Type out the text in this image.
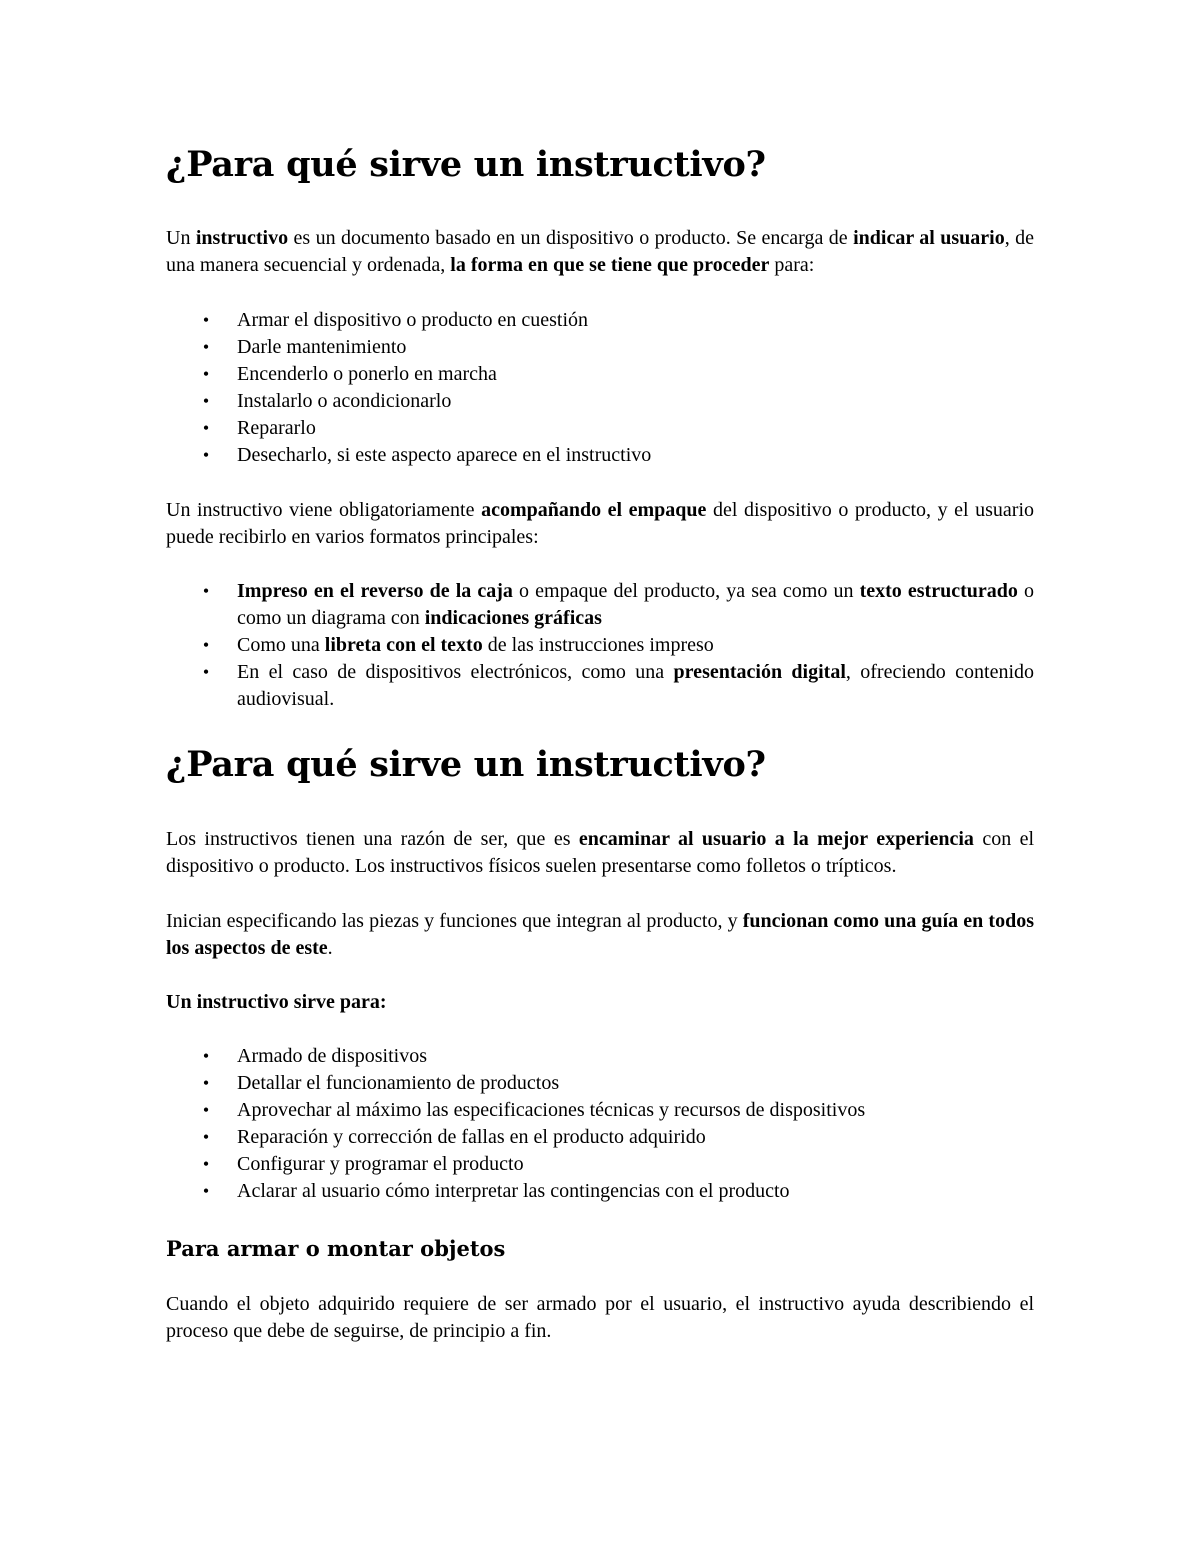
¿Para qué sirve un instructivo?

Un instructivo es un documento basado en un dispositivo o producto. Se encarga de indicar al usuario, de una manera secuencial y ordenada, la forma en que se tiene que proceder para:

• Armar el dispositivo o producto en cuestión
• Darle mantenimiento
• Encenderlo o ponerlo en marcha
• Instalarlo o acondicionarlo
• Repararlo
• Desecharlo, si este aspecto aparece en el instructivo

Un instructivo viene obligatoriamente acompañando el empaque del dispositivo o producto, y el usuario puede recibirlo en varios formatos principales:

• Impreso en el reverso de la caja o empaque del producto, ya sea como un texto estructurado o como un diagrama con indicaciones gráficas
• Como una libreta con el texto de las instrucciones impreso
• En el caso de dispositivos electrónicos, como una presentación digital, ofreciendo contenido audiovisual.
¿Para qué sirve un instructivo?

Los instructivos tienen una razón de ser, que es encaminar al usuario a la mejor experiencia con el dispositivo o producto. Los instructivos físicos suelen presentarse como folletos o trípticos.

Inician especificando las piezas y funciones que integran al producto, y funcionan como una guía en todos los aspectos de este.

Un instructivo sirve para:

• Armado de dispositivos
• Detallar el funcionamiento de productos
• Aprovechar al máximo las especificaciones técnicas y recursos de dispositivos
• Reparación y corrección de fallas en el producto adquirido
• Configurar y programar el producto
• Aclarar al usuario cómo interpretar las contingencias con el producto
Para armar o montar objetos

Cuando el objeto adquirido requiere de ser armado por el usuario, el instructivo ayuda describiendo el proceso que debe de seguirse, de principio a fin.
